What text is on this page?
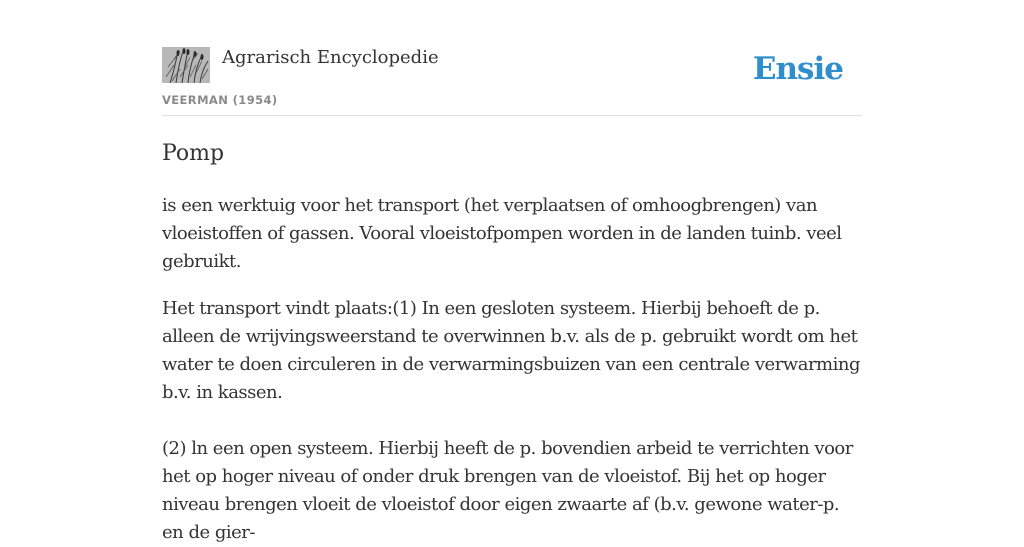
Agrarisch Encyclopedie
VEERMAN (1954)
Ensie
Pomp

is een werktuig voor het transport (het verplaatsen of omhoogbrengen) van vloeistoffen of gassen. Vooral vloeistofpompen worden in de landen tuinb. veel gebruikt.

Het transport vindt plaats:(1) In een gesloten systeem. Hierbij behoeft de p. alleen de wrijvingsweerstand te overwinnen b.v. als de p. gebruikt wordt om het water te doen circuleren in de verwarmingsbuizen van een centrale verwarming b.v. in kassen.

(2) ln een open systeem. Hierbij heeft de p. bovendien arbeid te verrichten voor het op hoger niveau of onder druk brengen van de vloeistof. Bij het op hoger niveau brengen vloeit de vloeistof door eigen zwaarte af (b.v. gewone water-p. en de gier-
